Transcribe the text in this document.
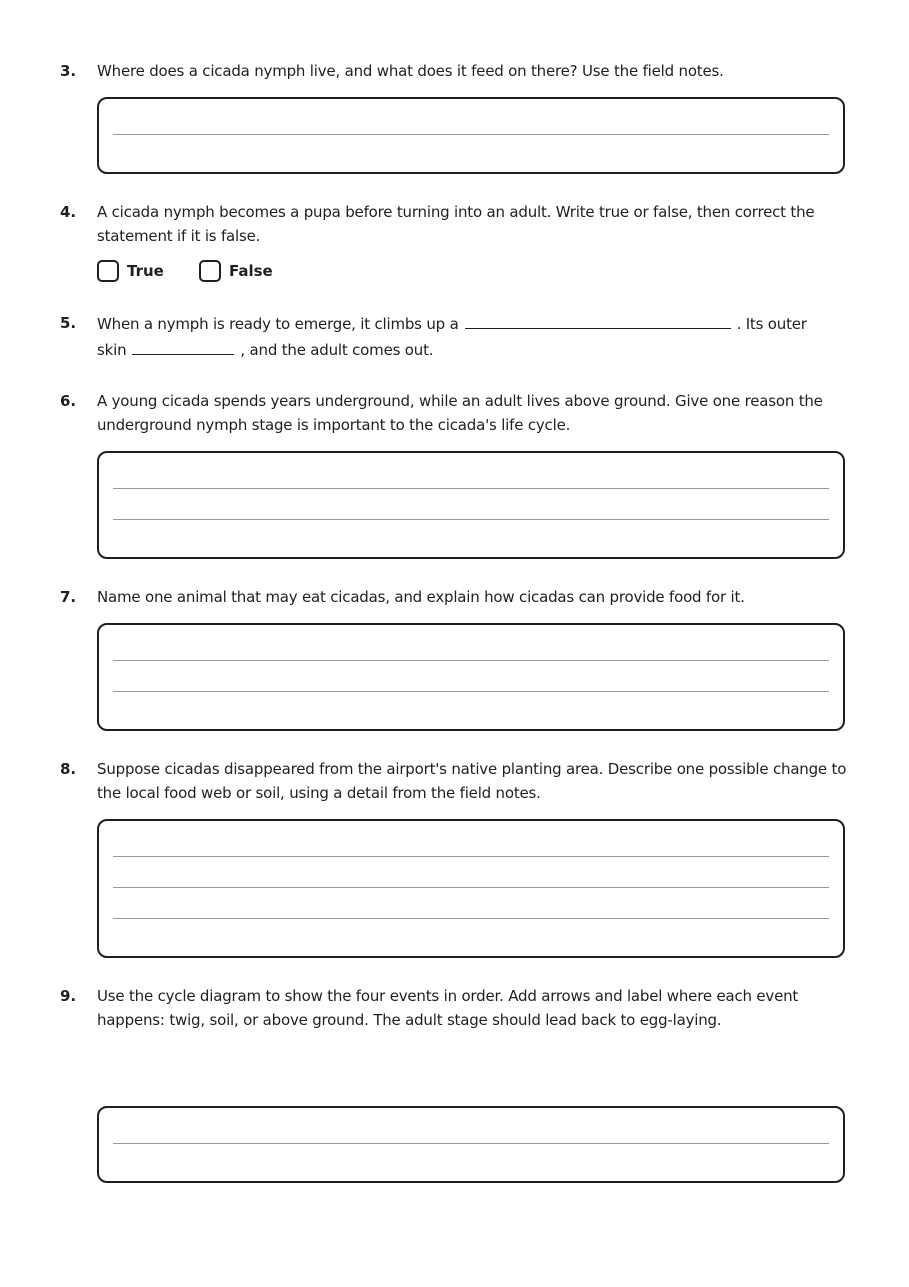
3. Where does a cicada nymph live, and what does it feed on there? Use the field notes.
4. A cicada nymph becomes a pupa before turning into an adult. Write true or false, then correct the statement if it is false.
True	False
5. When a nymph is ready to emerge, it climbs up a	. Its outer
skin	, and the adult comes out.
6. A young cicada spends years underground, while an adult lives above ground. Give one reason the underground nymph stage is important to the cicada's life cycle.
7. Name one animal that may eat cicadas, and explain how cicadas can provide food for it.
8. Suppose cicadas disappeared from the airport's native planting area. Describe one possible change to the local food web or soil, using a detail from the field notes.
9. Use the cycle diagram to show the four events in order. Add arrows and label where each event happens: twig, soil, or above ground. The adult stage should lead back to egg-laying.
